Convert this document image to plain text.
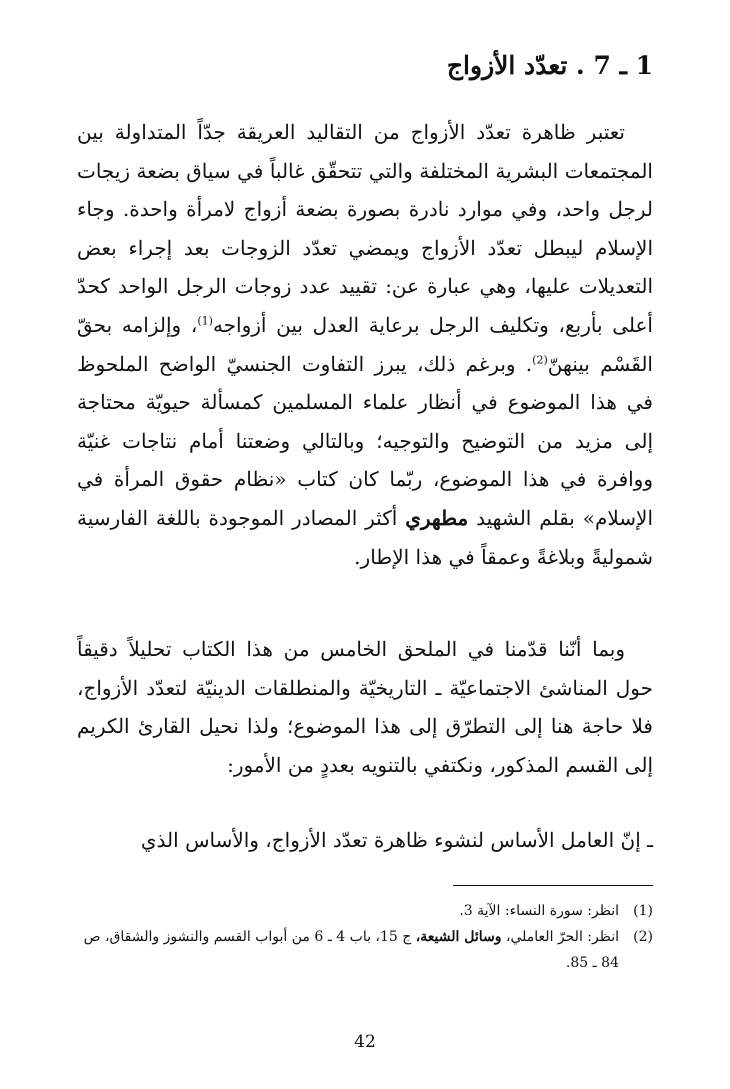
1 ـ 7 . تعدّد الأزواج

تعتبر ظاهرة تعدّد الأزواج من التقاليد العريقة جدّاً المتداولة بين المجتمعات البشرية المختلفة والتي تتحقّق غالباً في سياق بضعة زيجات لرجل واحد، وفي موارد نادرة بصورة بضعة أزواج لامرأة واحدة. وجاء الإسلام ليبطل تعدّد الأزواج ويمضي تعدّد الزوجات بعد إجراء بعض التعديلات عليها، وهي عبارة عن: تقييد عدد زوجات الرجل الواحد كحدّ أعلى بأربع، وتكليف الرجل برعاية العدل بين أزواجه$^{(1)}$، وإلزامه بحقّ القَسْم بينهنّ$^{(2)}$. وبرغم ذلك، يبرز التفاوت الجنسيّ الواضح الملحوظ في هذا الموضوع في أنظار علماء المسلمين كمسألة حيويّة محتاجة إلى مزيد من التوضيح والتوجيه؛ وبالتالي وضعتنا أمام نتاجات غنيّة ووافرة في هذا الموضوع، ربّما كان كتاب «نظام حقوق المرأة في الإسلام» بقلم الشهيد مطهري أكثر المصادر الموجودة باللغة الفارسية شموليةً وبلاغةً وعمقاً في هذا الإطار.

وبما أنّنا قدّمنا في الملحق الخامس من هذا الكتاب تحليلاً دقيقاً حول المناشئ الاجتماعيّة ـ التاريخيّة والمنطلقات الدينيّة لتعدّد الأزواج، فلا حاجة هنا إلى التطرّق إلى هذا الموضوع؛ ولذا نحيل القارئ الكريم إلى القسم المذكور، ونكتفي بالتنويه بعددٍ من الأمور:

ـ إنّ العامل الأساس لنشوء ظاهرة تعدّد الأزواج، والأساس الذي

(1)
انظر: سورة النساء: الآية 3.
(2)
انظر: الحرّ العاملي، وسائل الشيعة، ج 15، باب 4 ـ 6 من أبواب القسم والنشوز والشقاق، ص 84 ـ 85.
42
